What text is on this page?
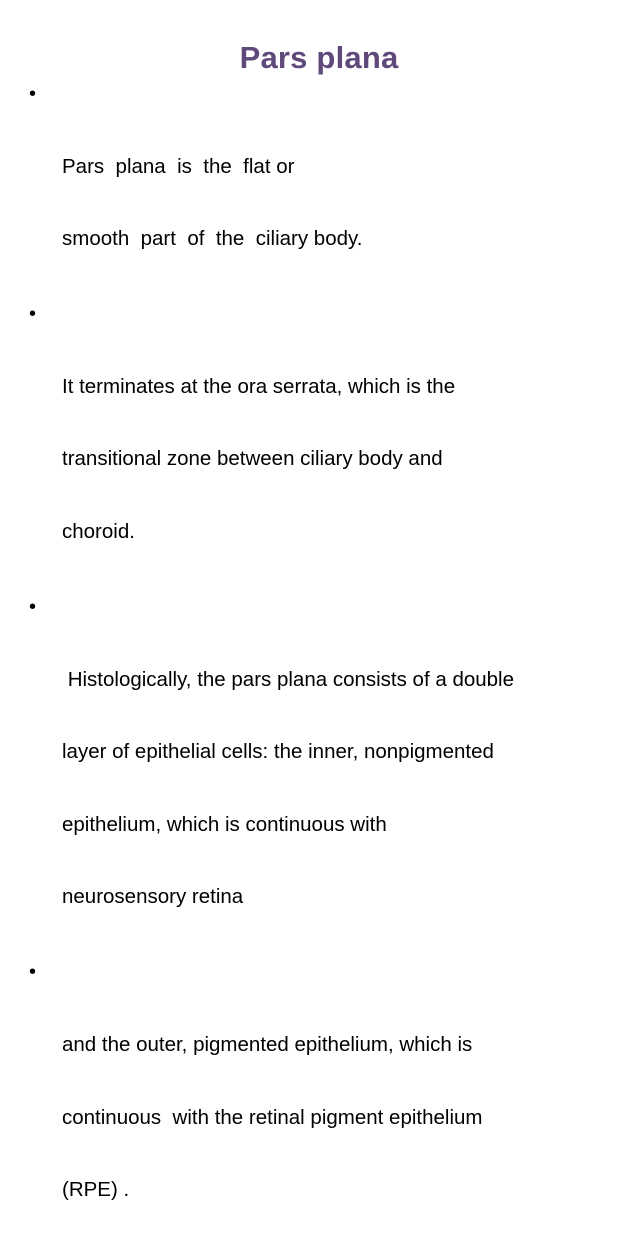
Pars plana

•

Pars  plana  is  the  flat or

smooth  part  of  the  ciliary body.

•

It terminates at the ora serrata, which is the

transitional zone between ciliary body and

choroid.

•

Histologically, the pars plana consists of a double

layer of epithelial cells: the inner, nonpigmented

epithelium, which is continuous with

neurosensory retina

•

and the outer, pigmented epithelium, which is

continuous  with the retinal pigment epithelium

(RPE) .
